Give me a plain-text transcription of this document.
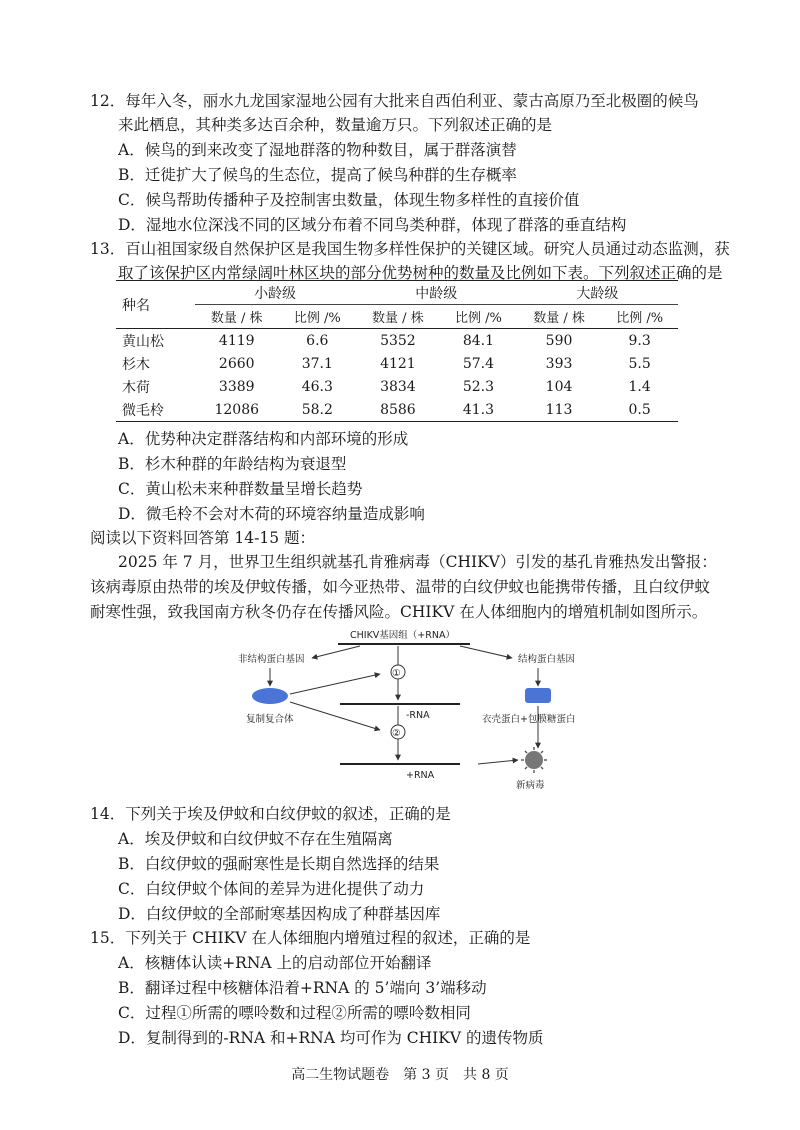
12．每年入冬，丽水九龙国家湿地公园有大批来自西伯利亚、蒙古高原乃至北极圈的候鸟
来此栖息，其种类多达百余种，数量逾万只。下列叙述正确的是
A．候鸟的到来改变了湿地群落的物种数目，属于群落演替
B．迁徙扩大了候鸟的生态位，提高了候鸟种群的生存概率
C．候鸟帮助传播种子及控制害虫数量，体现生物多样性的直接价值
D．湿地水位深浅不同的区域分布着不同鸟类种群，体现了群落的垂直结构
13．百山祖国家级自然保护区是我国生物多样性保护的关键区域。研究人员通过动态监测，获
取了该保护区内常绿阔叶林区块的部分优势树种的数量及比例如下表。下列叙述正确的是
种名	小龄级		中龄级		大龄级	
	数量 / 株	比例 /%	数量 / 株	比例 /%	数量 / 株	比例 /%
黄山松	4119	6.6	5352	84.1	590	9.3
杉木	2660	37.1	4121	57.4	393	5.5
木荷	3389	46.3	3834	52.3	104	1.4
微毛柃	12086	58.2	8586	41.3	113	0.5
A．优势种决定群落结构和内部环境的形成
B．杉木种群的年龄结构为衰退型
C．黄山松未来种群数量呈增长趋势
D．微毛柃不会对木荷的环境容纳量造成影响
阅读以下资料回答第 14-15 题：
2025 年 7 月，世界卫生组织就基孔肯雅病毒（CHIKV）引发的基孔肯雅热发出警报：
该病毒原由热带的埃及伊蚊传播，如今亚热带、温带的白纹伊蚊也能携带传播，且白纹伊蚊
耐寒性强，致我国南方秋冬仍存在传播风险。CHIKV 在人体细胞内的增殖机制如图所示。
CHIKV基因组（+RNA）
非结构蛋白基因
复制复合体
结构蛋白基因
衣壳蛋白+包膜糖蛋白
①
-RNA
②
+RNA
新病毒
14．下列关于埃及伊蚊和白纹伊蚊的叙述，正确的是
A．埃及伊蚊和白纹伊蚊不存在生殖隔离
B．白纹伊蚊的强耐寒性是长期自然选择的结果
C．白纹伊蚊个体间的差异为进化提供了动力
D．白纹伊蚊的全部耐寒基因构成了种群基因库
15．下列关于 CHIKV 在人体细胞内增殖过程的叙述，正确的是
A．核糖体认读+RNA 上的启动部位开始翻译
B．翻译过程中核糖体沿着+RNA 的 5’端向 3’端移动
C．过程①所需的嘌呤数和过程②所需的嘌呤数相同
D．复制得到的-RNA 和+RNA 均可作为 CHIKV 的遗传物质
高二生物试题卷　第 3 页　共 8 页
